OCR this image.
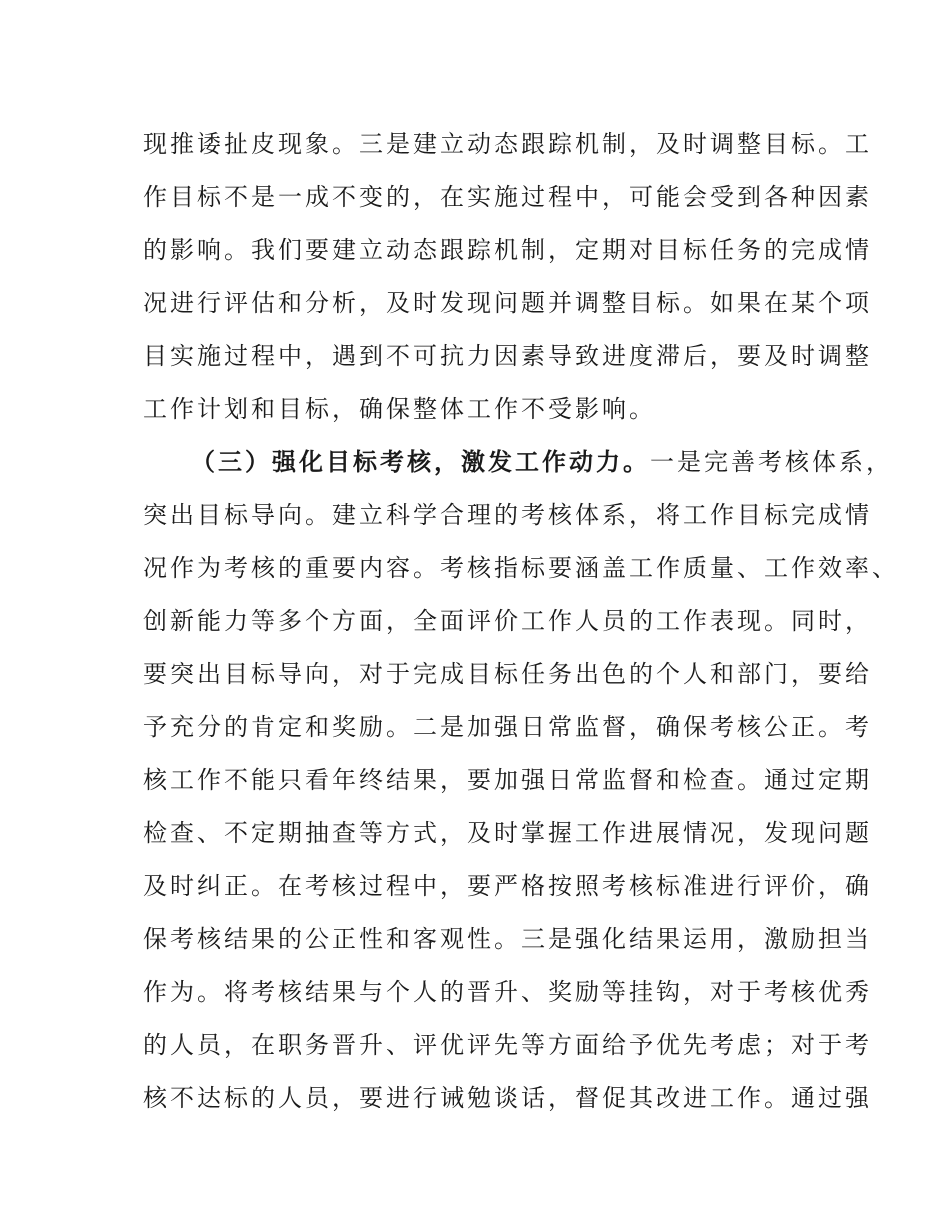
现推诿扯皮现象。三是建立动态跟踪机制，及时调整目标。工
作目标不是一成不变的，在实施过程中，可能会受到各种因素
的影响。我们要建立动态跟踪机制，定期对目标任务的完成情
况进行评估和分析，及时发现问题并调整目标。如果在某个项
目实施过程中，遇到不可抗力因素导致进度滞后，要及时调整
工作计划和目标，确保整体工作不受影响。
（三）强化目标考核，激发工作动力。一是完善考核体系，
突出目标导向。建立科学合理的考核体系，将工作目标完成情
况作为考核的重要内容。考核指标要涵盖工作质量、工作效率、
创新能力等多个方面，全面评价工作人员的工作表现。同时，
要突出目标导向，对于完成目标任务出色的个人和部门，要给
予充分的肯定和奖励。二是加强日常监督，确保考核公正。考
核工作不能只看年终结果，要加强日常监督和检查。通过定期
检查、不定期抽查等方式，及时掌握工作进展情况，发现问题
及时纠正。在考核过程中，要严格按照考核标准进行评价，确
保考核结果的公正性和客观性。三是强化结果运用，激励担当
作为。将考核结果与个人的晋升、奖励等挂钩，对于考核优秀
的人员，在职务晋升、评优评先等方面给予优先考虑；对于考
核不达标的人员，要进行诫勉谈话，督促其改进工作。通过强
